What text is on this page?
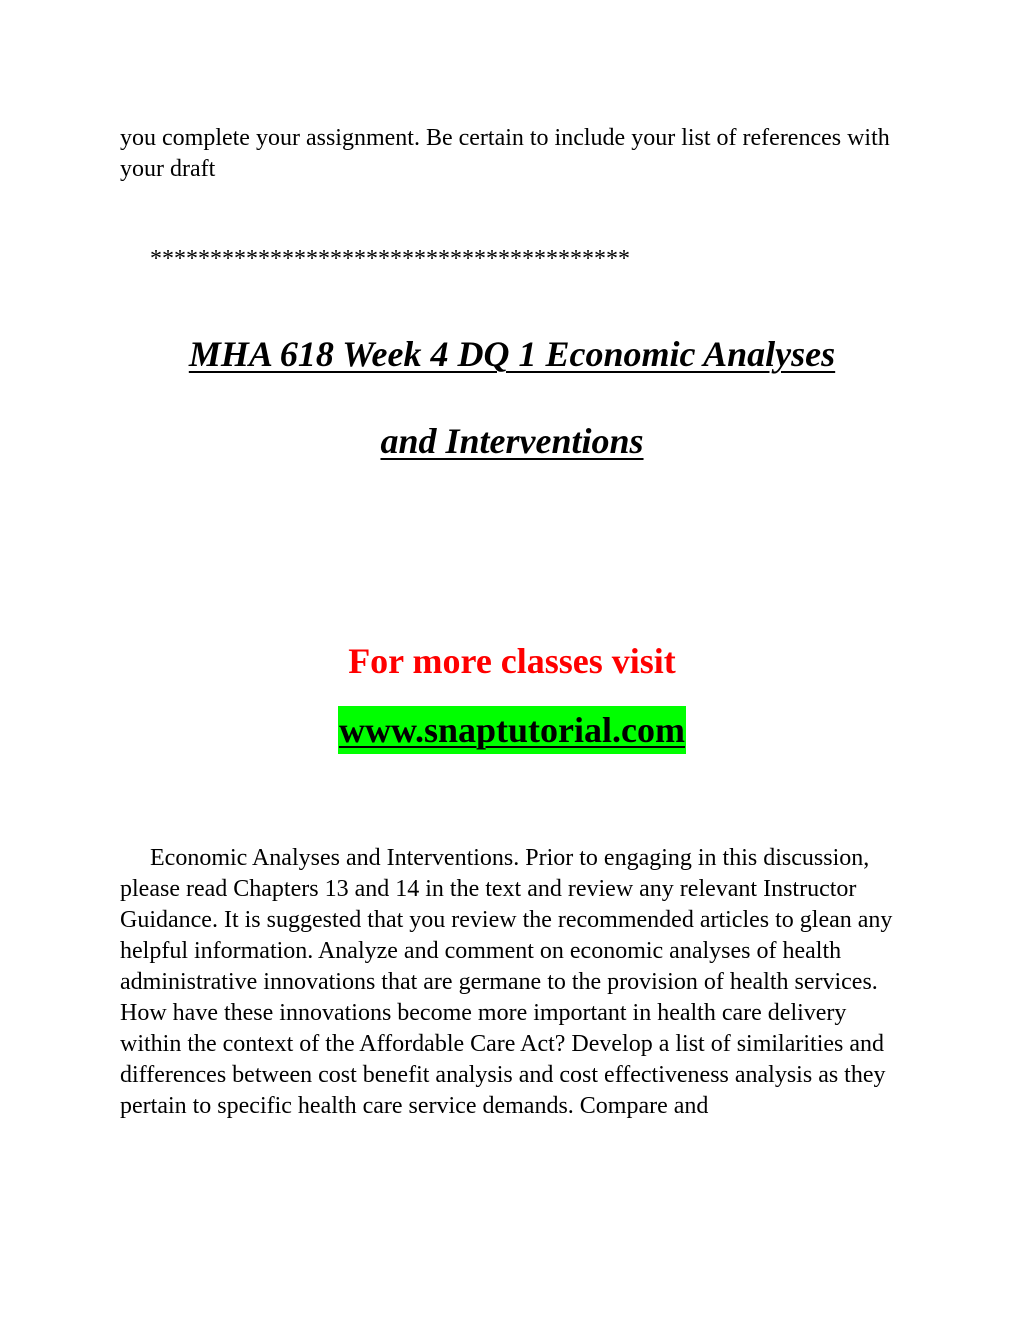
you complete your assignment. Be certain to include your list of references with your draft

****************************************

MHA 618 Week 4 DQ 1 Economic Analyses
and Interventions
For more classes visit
www.snaptutorial.com

Economic Analyses and Interventions. Prior to engaging in this discussion, please read Chapters 13 and 14 in the text and review any relevant Instructor Guidance. It is suggested that you review the recommended articles to glean any helpful information. Analyze and comment on economic analyses of health administrative innovations that are germane to the provision of health services. How have these innovations become more important in health care delivery within the context of the Affordable Care Act? Develop a list of similarities and differences between cost benefit analysis and cost effectiveness analysis as they pertain to specific health care service demands. Compare and
